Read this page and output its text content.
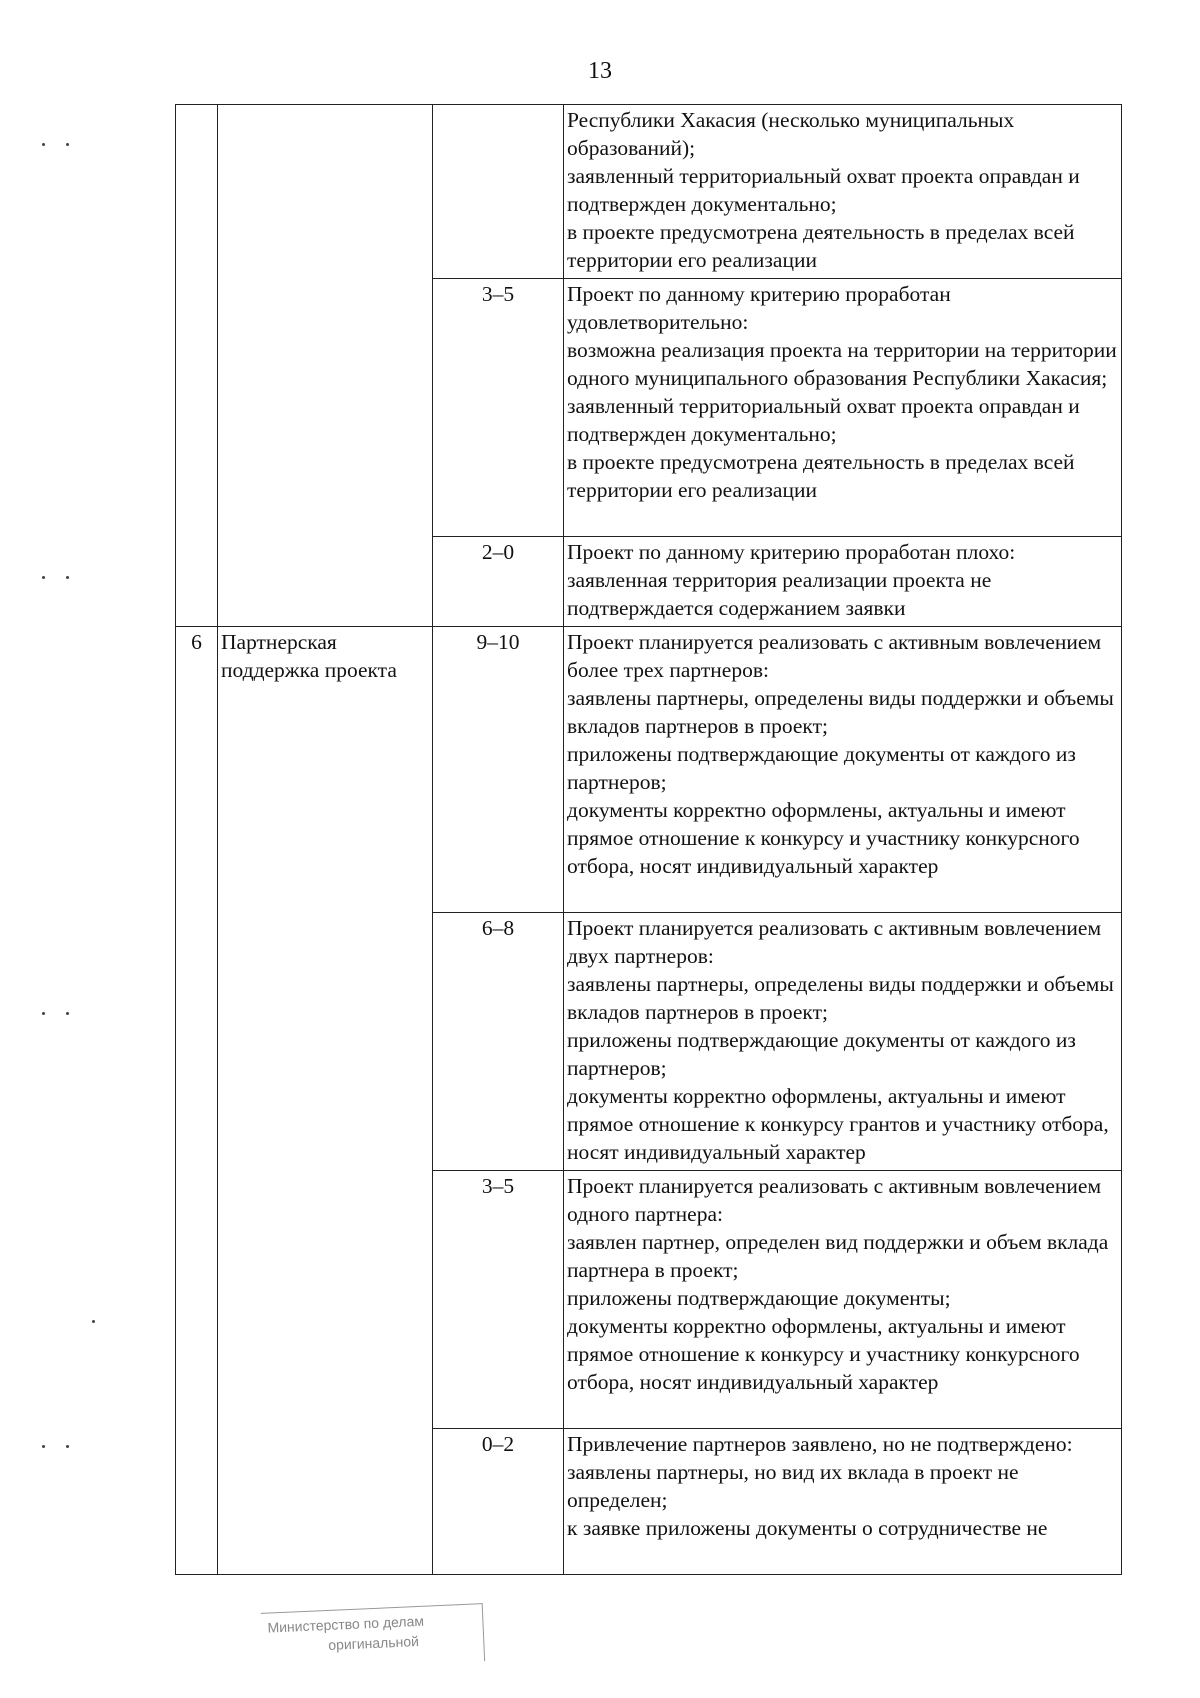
13

			Республики Хакасия (несколько муниципальных образований);
заявленный территориальный охват проекта оправдан и подтвержден документально;
в проекте предусмотрена деятельность в пределах всей территории его реализации

		3–5	Проект по данному критерию проработан удовлетворительно:
возможна реализация проекта на территории на территории одного муниципального образования Республики Хакасия;
заявленный территориальный охват проекта оправдан и подтвержден документально;
в проекте предусмотрена деятельность в пределах всей территории его реализации

		2–0	Проект по данному критерию проработан плохо:
заявленная территория реализации проекта не подтверждается содержанием заявки

6	Партнерская поддержка проекта	9–10	Проект планируется реализовать с активным вовлечением более трех партнеров:
заявлены партнеры, определены виды поддержки и объемы вкладов партнеров в проект;
приложены подтверждающие документы от каждого из партнеров;
документы корректно оформлены, актуальны и имеют прямое отношение к конкурсу и участнику конкурсного отбора, носят индивидуальный характер

		6–8	Проект планируется реализовать с активным вовлечением двух партнеров:
заявлены партнеры, определены виды поддержки и объемы вкладов партнеров в проект;
приложены подтверждающие документы от каждого из партнеров;
документы корректно оформлены, актуальны и имеют прямое отношение к конкурсу грантов и участнику отбора, носят индивидуальный характер

		3–5	Проект планируется реализовать с активным вовлечением одного партнера:
заявлен партнер, определен вид поддержки и объем вклада партнера в проект;
приложены подтверждающие документы;
документы корректно оформлены, актуальны и имеют прямое отношение к конкурсу и участнику конкурсного отбора, носят индивидуальный характер

		0–2	Привлечение партнеров заявлено, но не подтверждено:
заявлены партнеры, но вид их вклада в проект не определен;
к заявке приложены документы о сотрудничестве не
Министерство по делам
оригинальной
